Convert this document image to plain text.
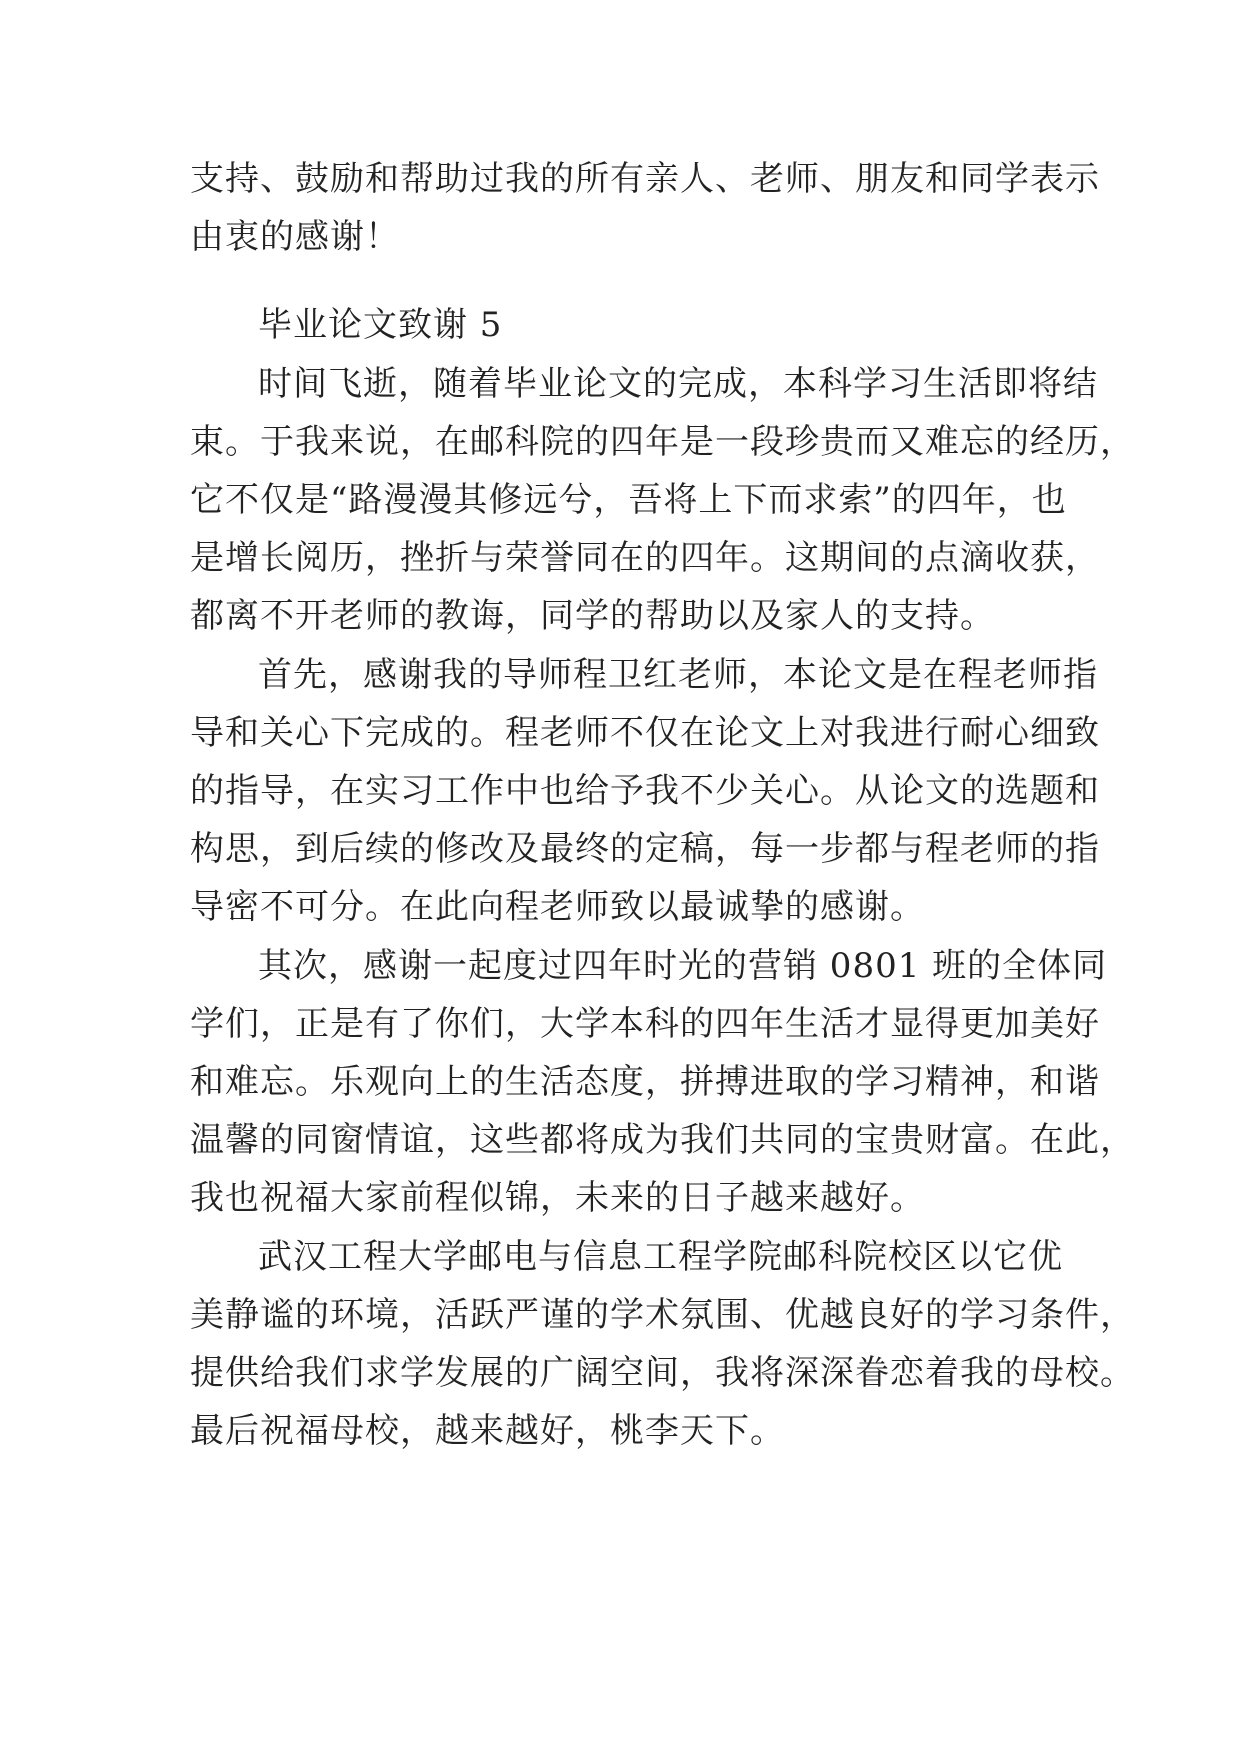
支持、鼓励和帮助过我的所有亲人、老师、朋友和同学表示
由衷的感谢！
毕业论文致谢 5
时间飞逝，随着毕业论文的完成，本科学习生活即将结
束。于我来说，在邮科院的四年是一段珍贵而又难忘的经历，
它不仅是“路漫漫其修远兮，吾将上下而求索”的四年，也
是增长阅历，挫折与荣誉同在的四年。这期间的点滴收获，
都离不开老师的教诲，同学的帮助以及家人的支持。
首先，感谢我的导师程卫红老师，本论文是在程老师指
导和关心下完成的。程老师不仅在论文上对我进行耐心细致
的指导，在实习工作中也给予我不少关心。从论文的选题和
构思，到后续的修改及最终的定稿，每一步都与程老师的指
导密不可分。在此向程老师致以最诚挚的感谢。
其次，感谢一起度过四年时光的营销 0801 班的全体同
学们，正是有了你们，大学本科的四年生活才显得更加美好
和难忘。乐观向上的生活态度，拼搏进取的学习精神，和谐
温馨的同窗情谊，这些都将成为我们共同的宝贵财富。在此，
我也祝福大家前程似锦，未来的日子越来越好。
武汉工程大学邮电与信息工程学院邮科院校区以它优
美静谧的环境，活跃严谨的学术氛围、优越良好的学习条件，
提供给我们求学发展的广阔空间，我将深深眷恋着我的母校。
最后祝福母校，越来越好，桃李天下。
